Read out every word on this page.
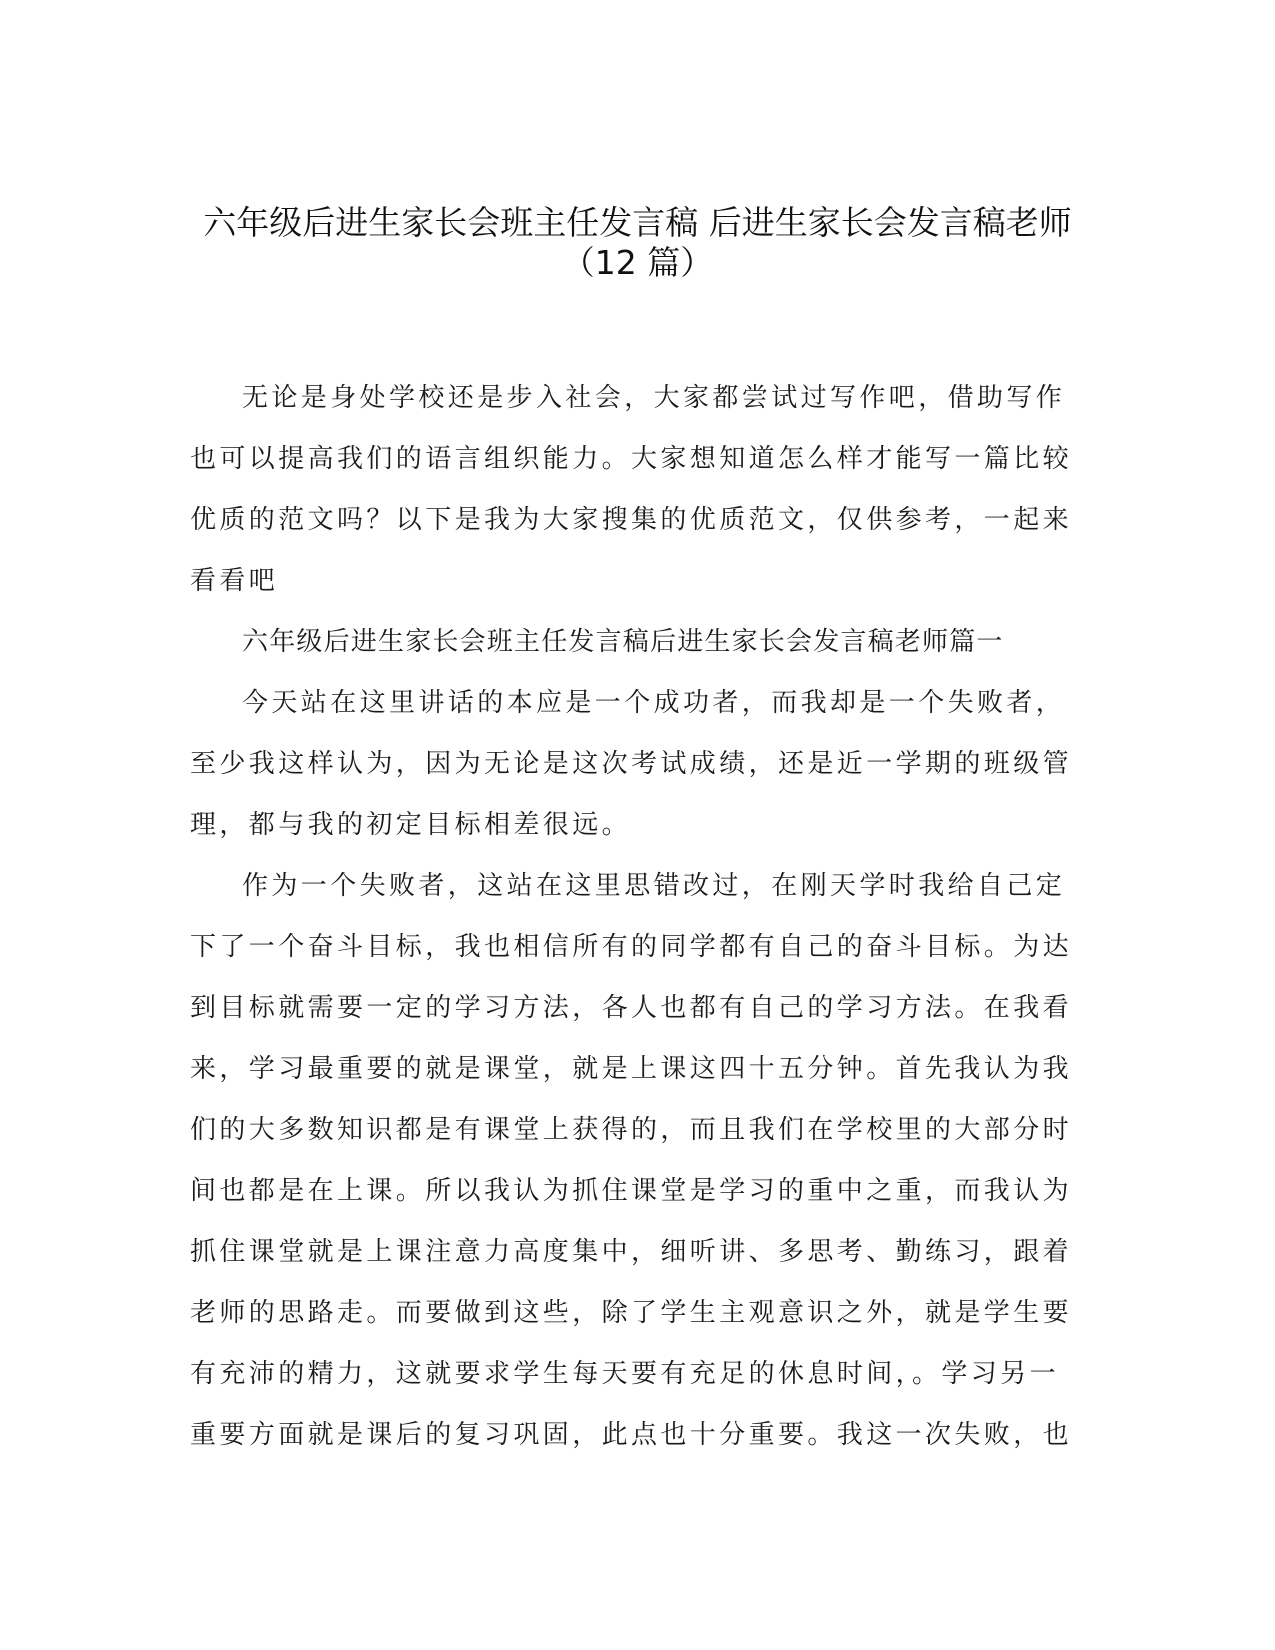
六年级后进生家长会班主任发言稿 后进生家长会发言稿老师
（12 篇）

无论是身处学校还是步入社会，大家都尝试过写作吧，借助写作也可以提高我们的语言组织能力。大家想知道怎么样才能写一篇比较优质的范文吗？以下是我为大家搜集的优质范文，仅供参考，一起来看看吧

六年级后进生家长会班主任发言稿后进生家长会发言稿老师篇一

今天站在这里讲话的本应是一个成功者，而我却是一个失败者，至少我这样认为，因为无论是这次考试成绩，还是近一学期的班级管理，都与我的初定目标相差很远。

作为一个失败者，这站在这里思错改过，在刚天学时我给自己定下了一个奋斗目标，我也相信所有的同学都有自己的奋斗目标。为达到目标就需要一定的学习方法，各人也都有自己的学习方法。在我看来，学习最重要的就是课堂，就是上课这四十五分钟。首先我认为我们的大多数知识都是有课堂上获得的，而且我们在学校里的大部分时间也都是在上课。所以我认为抓住课堂是学习的重中之重，而我认为抓住课堂就是上课注意力高度集中，细听讲、多思考、勤练习，跟着老师的思路走。而要做到这些，除了学生主观意识之外，就是学生要有充沛的精力，这就要求学生每天要有充足的休息时间，。学习另一重要方面就是课后的复习巩固，此点也十分重要。我这一次失败，也
